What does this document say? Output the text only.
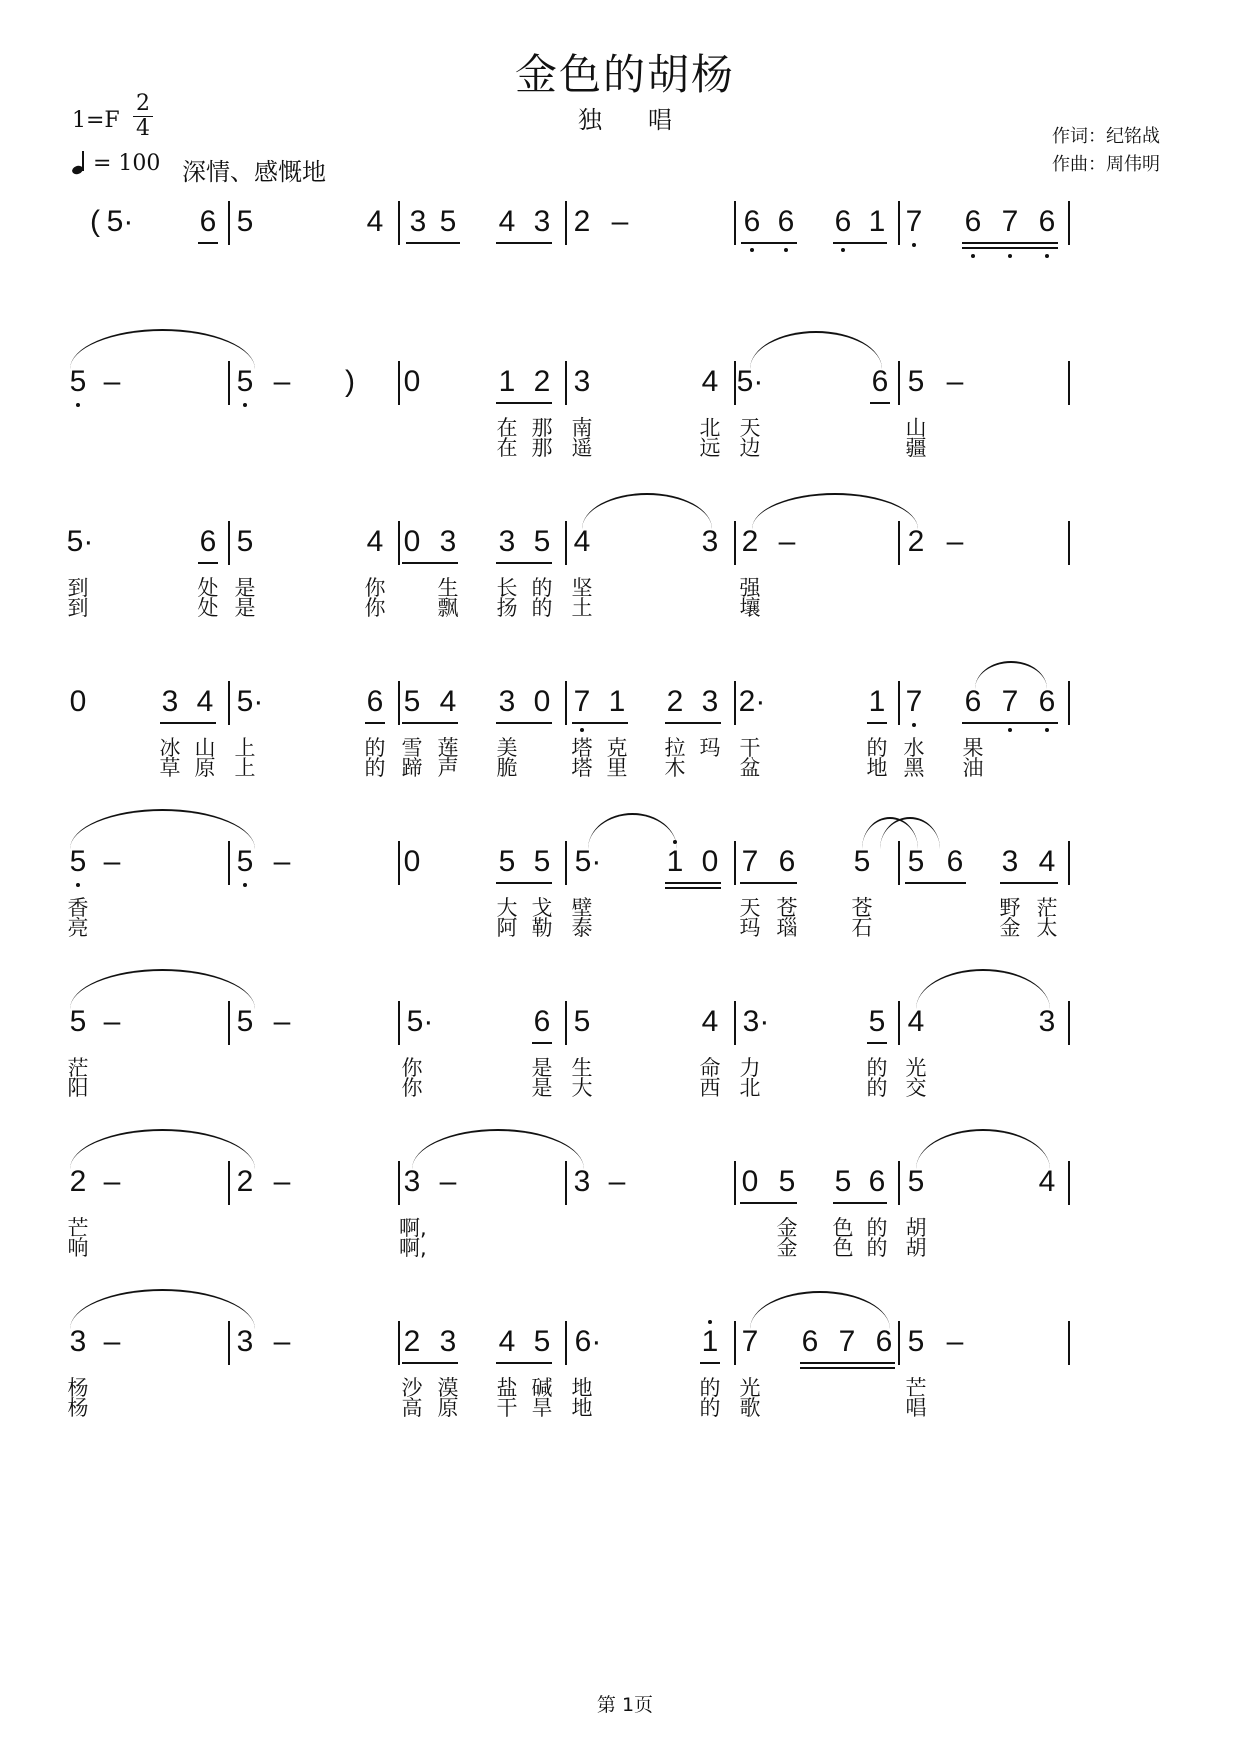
金色的胡杨
独唱
1=F
2
4
= 100 深情、感慨地
作词：纪铭战
作曲：周伟明
( 5· 6 5	4 3 5 4 3 2 –	6 6 6 1 7 6 7 6
5 –	5 –	)	0	1 2 3	4 5·	6 5 –
在 那 南	北 天	山
在 那 遥	远 边	疆
5·	6 5	4 0 3 3 5 4	3 2 –	2 –
到	处 是	你 生 长 的 坚	强
到	处 是	你 飘 扬 的 土	壤
0	3 4 5·	6 5 4 3 0 7 1 2 3 2·	1 7 6 7 6
冰 山 上	的 雪 莲 美	塔 克 拉 玛 干	的 水 果
草 原 上	的 蹄 声 脆	塔 里 木	盆	地 黑 油
5 –	5 –	0	5 5 5· 1 0 7 6 5 5 6 3 4
香	大 戈 壁	天 苍	苍	野 茫
亮	阿 勒 泰	玛 瑙	石	金 太
5 –	5 –	5·	6 5	4 3·	5 4	3
茫	你	是 生	命 力	的 光
阳	你	是 大	西 北	的 交
2 –	2 –	3 –	3 –	0 5 5 6 5	4
芒	啊,	金 色 的 胡
响	啊,	金 色 的 胡
3 –	3 –	2 3 4 5 6·	1 7 6 7 6 5 –
杨	沙 漠 盐 碱 地	的 光	芒
杨	高 原 干 旱 地	的 歌	唱
第 1页
